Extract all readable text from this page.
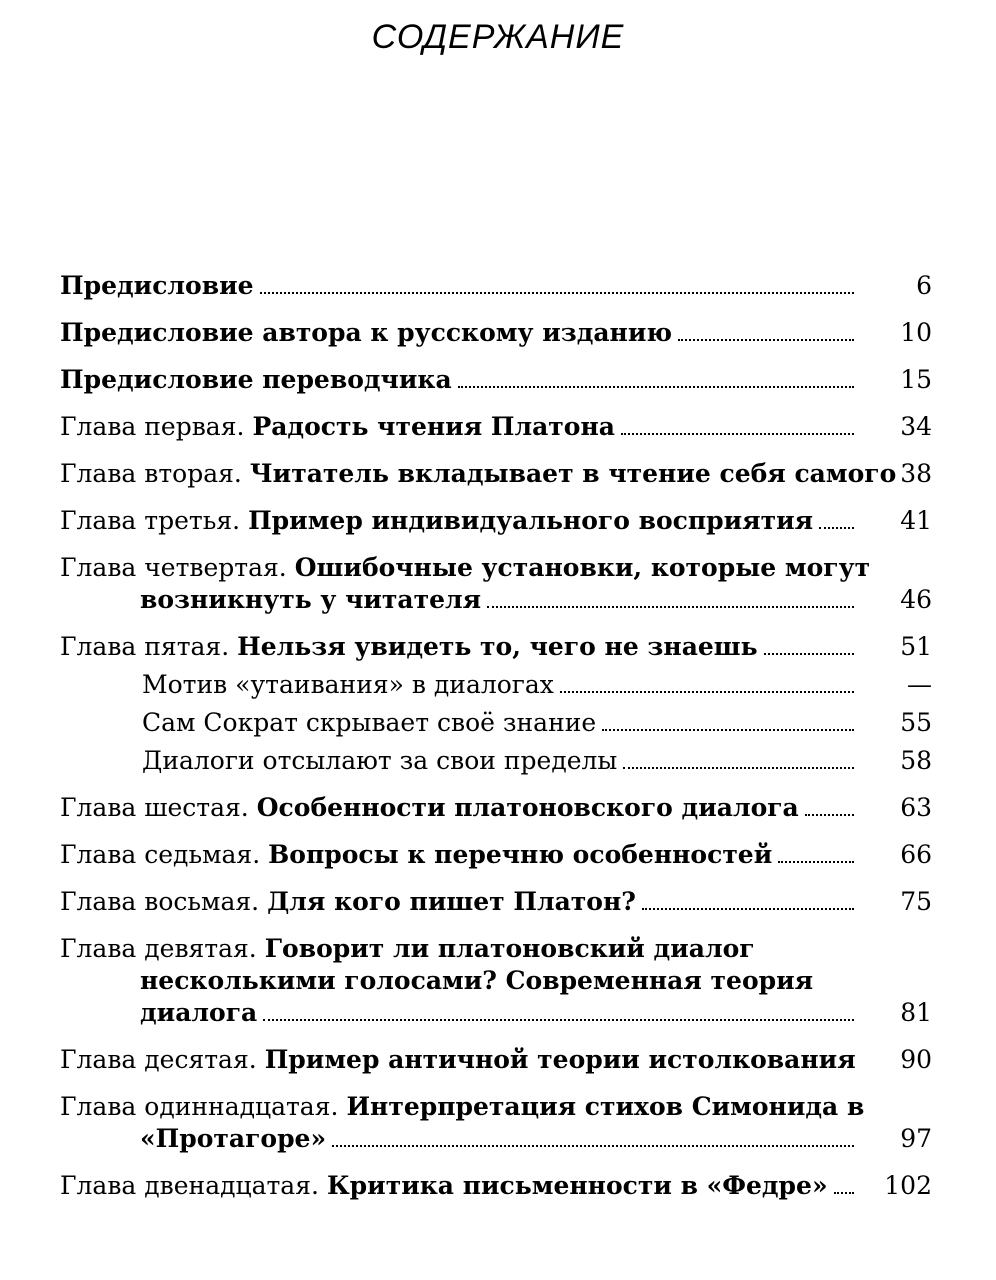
СОДЕРЖАНИЕ
Предисловие	6
Предисловие автора к русскому изданию	10
Предисловие переводчика	15
Глава первая. Радость чтения Платона	34
Глава вторая. Читатель вкладывает в чтение себя самого 38
Глава третья. Пример индивидуального восприятия	41
Глава четвертая. Ошибочные установки, которые могут
возникнуть у читателя	46
Глава пятая. Нельзя увидеть то, чего не знаешь	51
Мотив «утаивания» в диалогах	—
Сам Сократ скрывает своё знание	55
Диалоги отсылают за свои пределы	58
Глава шестая. Особенности платоновского диалога	63
Глава седьмая. Вопросы к перечню особенностей	66
Глава восьмая. Для кого пишет Платон?	75
Глава девятая. Говорит ли платоновский диалог
несколькими голосами? Современная теория
диалога	81
Глава десятая. Пример античной теории истолкования 90
Глава одиннадцатая. Интерпретация стихов Симонида в
«Протагоре»	97
Глава двенадцатая. Критика письменности в «Федре» 102
